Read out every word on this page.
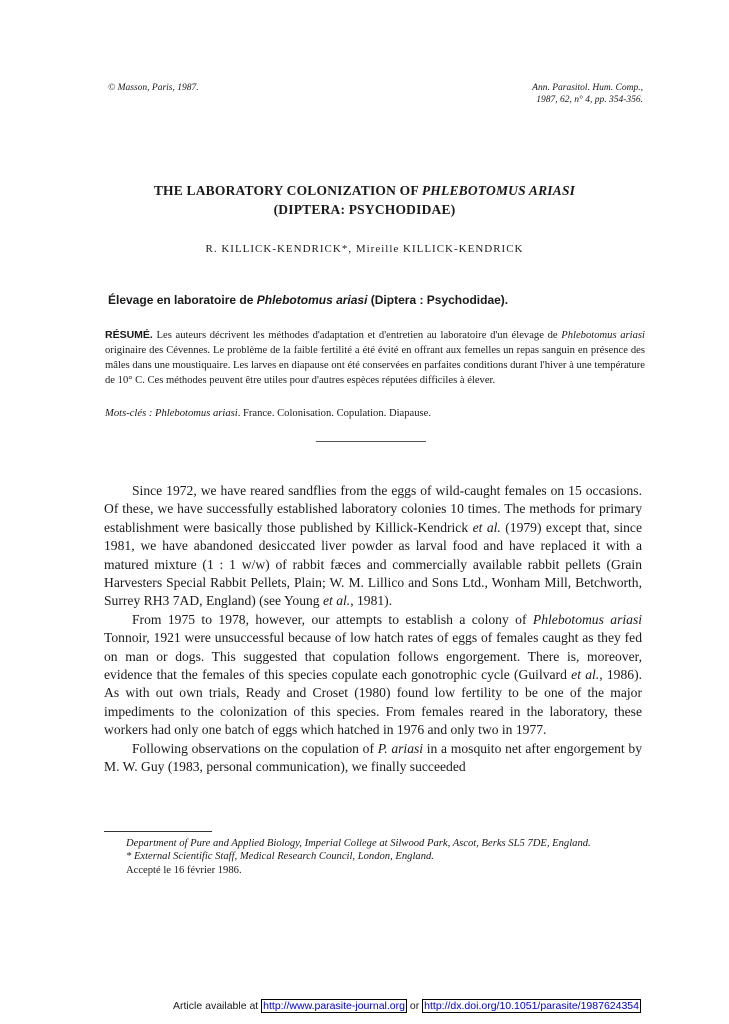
© Masson, Paris, 1987.	Ann. Parasitol. Hum. Comp.,
1987, 62, n° 4, pp. 354-356.
THE LABORATORY COLONIZATION OF PHLEBOTOMUS ARIASI
(DIPTERA: PSYCHODIDAE)
R. KILLICK-KENDRICK*, Mireille KILLICK-KENDRICK
Élevage en laboratoire de Phlebotomus ariasi (Diptera : Psychodidae).
RÉSUMÉ. Les auteurs décrivent les méthodes d'adaptation et d'entretien au laboratoire d'un élevage de Phlebotomus ariasi originaire des Cévennes. Le problème de la faible fertilité a été évité en offrant aux femelles un repas sanguin en présence des mâles dans une moustiquaire. Les larves en diapause ont été conservées en parfaites conditions durant l'hiver à une température de 10° C. Ces méthodes peuvent être utiles pour d'autres espèces réputées difficiles à élever.
Mots-clés : Phlebotomus ariasi. France. Colonisation. Copulation. Diapause.

Since 1972, we have reared sandflies from the eggs of wild-caught females on 15 occasions. Of these, we have successfully established laboratory colonies 10 times. The methods for primary establishment were basically those published by Killick-Kendrick et al. (1979) except that, since 1981, we have abandoned desiccated liver powder as larval food and have replaced it with a matured mixture (1 : 1 w/w) of rabbit fæces and commercially available rabbit pellets (Grain Harvesters Special Rabbit Pellets, Plain; W. M. Lillico and Sons Ltd., Wonham Mill, Betchworth, Surrey RH3 7AD, England) (see Young et al., 1981).

From 1975 to 1978, however, our attempts to establish a colony of Phlebotomus ariasi Tonnoir, 1921 were unsuccessful because of low hatch rates of eggs of females caught as they fed on man or dogs. This suggested that copulation follows engorgement. There is, moreover, evidence that the females of this species copulate each gonotrophic cycle (Guilvard et al., 1986). As with out own trials, Ready and Croset (1980) found low fertility to be one of the major impediments to the colonization of this species. From females reared in the laboratory, these workers had only one batch of eggs which hatched in 1976 and only two in 1977.

Following observations on the copulation of P. ariasi in a mosquito net after engorgement by M. W. Guy (1983, personal communication), we finally succeeded

Department of Pure and Applied Biology, Imperial College at Silwood Park, Ascot, Berks SL5 7DE, England.

* External Scientific Staff, Medical Research Council, London, England.

Accepté le 16 février 1986.

Article available at http://www.parasite-journal.org or http://dx.doi.org/10.1051/parasite/1987624354
